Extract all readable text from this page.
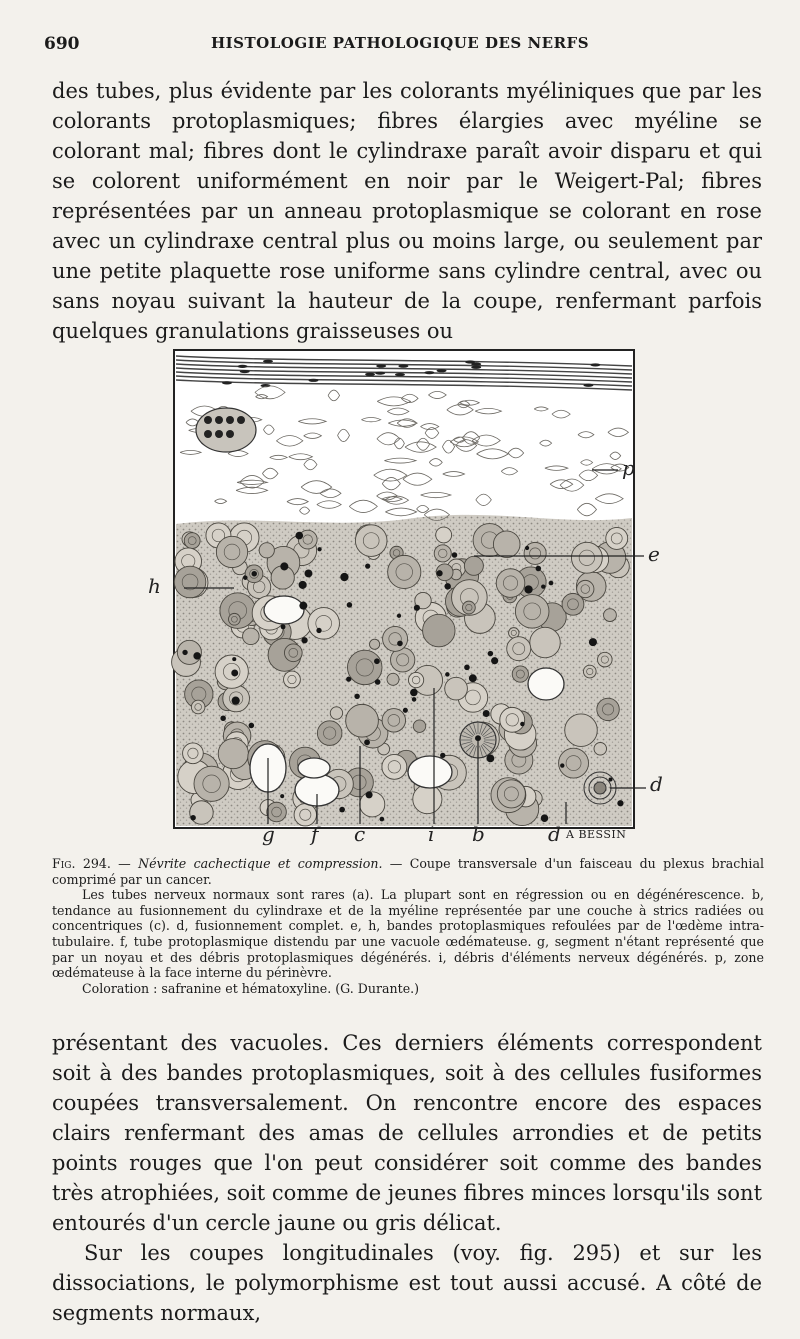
690	HISTOLOGIE PATHOLOGIQUE DES NERFS

des tubes, plus évidente par les colorants myéliniques que par les colorants protoplasmiques; fibres élargies avec myéline se colorant mal; fibres dont le cylindraxe paraît avoir disparu et qui se colorent uniformément en noir par le Weigert-Pal; fibres représentées par un anneau protoplasmique se colorant en rose avec un cylindraxe central plus ou moins large, ou seulement par une petite plaquette rose uniforme sans cylindre central, avec ou sans noyau suivant la hauteur de la coupe, renfermant parfois quelques granulations graisseuses ou

p
e
h
d
g f c	i b	d A BESSIN

Fig. 294. — Névrite cachectique et compression. — Coupe transversale d'un faisceau du plexus brachial comprimé par un cancer.

Les tubes nerveux normaux sont rares (a). La plupart sont en régression ou en dégénérescence. b, tendance au fusionnement du cylindraxe et de la myéline représentée par une couche à strics radiées ou concentriques (c). d, fusionnement complet. e, h, bandes protoplasmiques refoulées par de l'œdème intra-tubulaire. f, tube protoplasmique distendu par une vacuole œdémateuse. g, segment n'étant représenté que par un noyau et des débris protoplasmiques dégénérés. i, débris d'éléments nerveux dégénérés. p, zone œdémateuse à la face interne du périnèvre.

Coloration : safranine et hématoxyline. (G. Durante.)

présentant des vacuoles. Ces derniers éléments correspondent soit à des bandes protoplasmiques, soit à des cellules fusiformes coupées transversalement. On rencontre encore des espaces clairs renfermant des amas de cellules arrondies et de petits points rouges que l'on peut considérer soit comme des bandes très atrophiées, soit comme de jeunes fibres minces lorsqu'ils sont entourés d'un cercle jaune ou gris délicat.

Sur les coupes longitudinales (voy. fig. 295) et sur les dissociations, le polymorphisme est tout aussi accusé. A côté de segments normaux,
